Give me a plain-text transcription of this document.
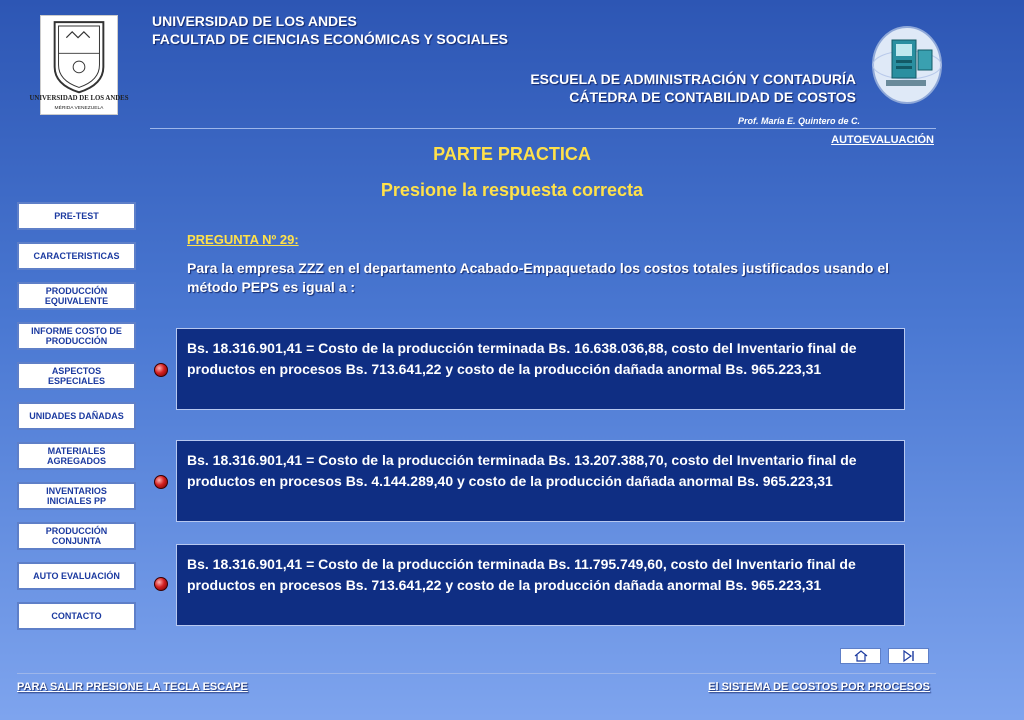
UNIVERSIDAD DE LOS ANDES
MÉRIDA VENEZUELA
UNIVERSIDAD DE LOS ANDES
FACULTAD DE CIENCIAS ECONÓMICAS Y SOCIALES
ESCUELA DE ADMINISTRACIÓN Y CONTADURÍA
CÁTEDRA DE CONTABILIDAD DE COSTOS
Prof. María E. Quintero de C.
AUTOEVALUACIÓN
PARTE PRACTICA
Presione la respuesta correcta
PRE-TEST
CARACTERISTICAS
PRODUCCIÓN EQUIVALENTE
INFORME COSTO DE PRODUCCIÓN
ASPECTOS ESPECIALES
UNIDADES DAÑADAS
MATERIALES AGREGADOS
INVENTARIOS INICIALES PP
PRODUCCIÓN CONJUNTA
AUTO EVALUACIÓN
CONTACTO
PREGUNTA Nº 29:
Para la empresa ZZZ en el departamento Acabado-Empaquetado los costos totales justificados usando el método PEPS es igual a :
Bs. 18.316.901,41 = Costo de la producción terminada Bs. 16.638.036,88, costo del Inventario final de productos en procesos Bs. 713.641,22 y costo de la producción dañada anormal Bs. 965.223,31
Bs. 18.316.901,41 = Costo de la producción terminada Bs. 13.207.388,70, costo del Inventario final de productos en procesos Bs. 4.144.289,40 y costo de la producción dañada anormal Bs. 965.223,31
Bs. 18.316.901,41 = Costo de la producción terminada Bs. 11.795.749,60, costo del Inventario final de productos en procesos Bs. 713.641,22 y costo de la producción dañada anormal Bs. 965.223,31
PARA SALIR PRESIONE LA TECLA ESCAPE	El SISTEMA DE COSTOS POR PROCESOS
